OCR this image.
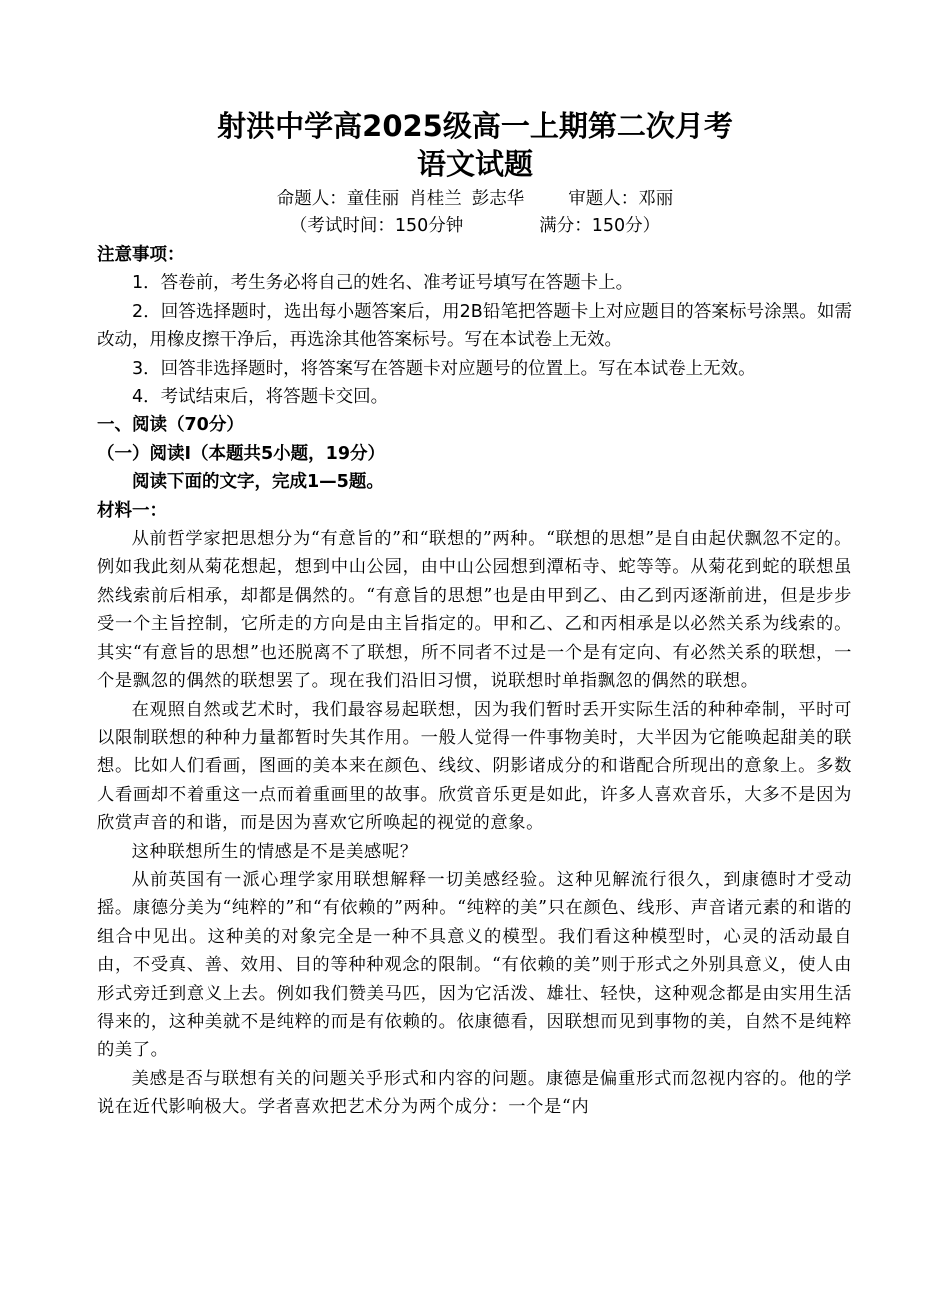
射洪中学高2025级高一上期第二次月考
语文试题
命题人：童佳丽 肖桂兰 彭志华	审题人：邓丽
（考试时间：150分钟	满分：150分）

注意事项：

1．答卷前，考生务必将自己的姓名、准考证号填写在答题卡上。

2．回答选择题时，选出每小题答案后，用2B铅笔把答题卡上对应题目的答案标号涂黑。如需改动，用橡皮擦干净后，再选涂其他答案标号。写在本试卷上无效。

3．回答非选择题时，将答案写在答题卡对应题号的位置上。写在本试卷上无效。

4．考试结束后，将答题卡交回。

一、阅读（70分）

（一）阅读Ⅰ（本题共5小题，19分）

阅读下面的文字，完成1—5题。

材料一：

从前哲学家把思想分为“有意旨的”和“联想的”两种。“联想的思想”是自由起伏飘忽不定的。例如我此刻从菊花想起，想到中山公园，由中山公园想到潭柘寺、蛇等等。从菊花到蛇的联想虽然线索前后相承，却都是偶然的。“有意旨的思想”也是由甲到乙、由乙到丙逐渐前进，但是步步受一个主旨控制，它所走的方向是由主旨指定的。甲和乙、乙和丙相承是以必然关系为线索的。其实“有意旨的思想”也还脱离不了联想，所不同者不过是一个是有定向、有必然关系的联想，一个是飘忽的偶然的联想罢了。现在我们沿旧习惯，说联想时单指飘忽的偶然的联想。

在观照自然或艺术时，我们最容易起联想，因为我们暂时丢开实际生活的种种牵制，平时可以限制联想的种种力量都暂时失其作用。一般人觉得一件事物美时，大半因为它能唤起甜美的联想。比如人们看画，图画的美本来在颜色、线纹、阴影诸成分的和谐配合所现出的意象上。多数人看画却不着重这一点而着重画里的故事。欣赏音乐更是如此，许多人喜欢音乐，大多不是因为欣赏声音的和谐，而是因为喜欢它所唤起的视觉的意象。

这种联想所生的情感是不是美感呢？

从前英国有一派心理学家用联想解释一切美感经验。这种见解流行很久，到康德时才受动摇。康德分美为“纯粹的”和“有依赖的”两种。“纯粹的美”只在颜色、线形、声音诸元素的和谐的组合中见出。这种美的对象完全是一种不具意义的模型。我们看这种模型时，心灵的活动最自由，不受真、善、效用、目的等种种观念的限制。“有依赖的美”则于形式之外别具意义，使人由形式旁迁到意义上去。例如我们赞美马匹，因为它活泼、雄壮、轻快，这种观念都是由实用生活得来的，这种美就不是纯粹的而是有依赖的。依康德看，因联想而见到事物的美，自然不是纯粹的美了。

美感是否与联想有关的问题关乎形式和内容的问题。康德是偏重形式而忽视内容的。他的学说在近代影响极大。学者喜欢把艺术分为两个成分：一个是“内
